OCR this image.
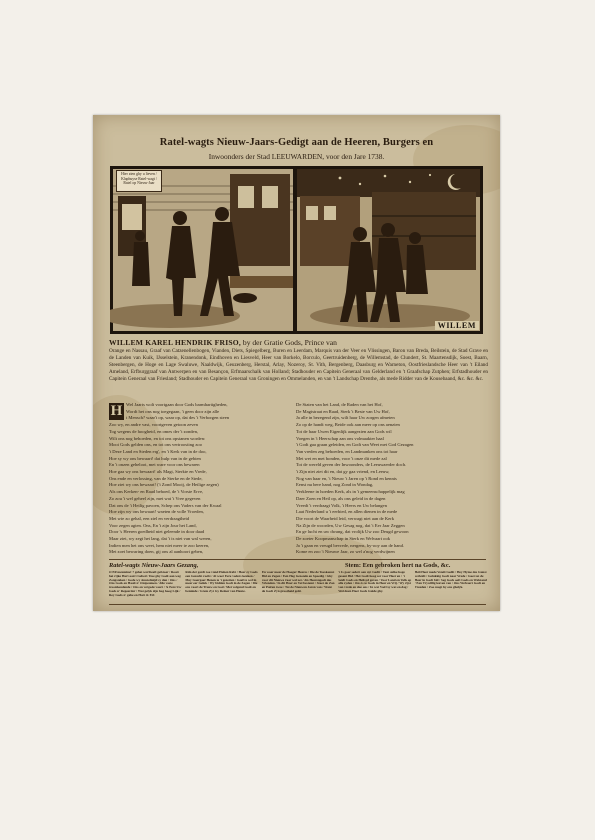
Ratel-wagts Nieuw-Jaars-Gedigt aan de Heeren, Burgers en
Inwoonders der Stad LEEUWARDEN, voor den Jare 1738.
Hier zien ghy u lieven / Klaphuyse Ratel-wagt / Ratel op Nieuw-Jaar
WILLEM
WILLEM KAREL HENDRIK FRISO, by der Gratie Gods, Prince van
Orange en Nassau, Graaf van Catzenellenbogen, Vianden, Diets, Spiegelberg, Buren en Leerdam, Marquis van der Veer en Vlissingen, Baron van Breda, Beilstein, de Stad Grave en de Landen van Kuik, IJsselstein, Kranendonk, Eindhoven en Liesveld, Heer van Borkelo, Borculo, Geertruidenberg, de Willemstad, de Clundert, St. Maartensdijk, Soest, Baarn, Steenbergen, de Hoge en Lage Swaluwe, Naaldwijk, Geuzenberg, Herstal, Arlay, Nozeroy, St. Vith, Bergenberg, Daasburg en Warneton, Oostfrieslandsche Heer van 't Eiland Ameland, Erfburggraaf van Antwerpen en van Besançon, Erfmaarschalk van Holland; Stadhouder en Capitein Generaal van Gelderland en 't Graafschap Zutphen; Erfstadhouder en Capitein Generaal van Friesland; Stadhouder en Capitein Generaal van Groningen en Ommelanden, en van 't Landschap Drenthe, als mede Ridder van de Kousebaand, &c. &c. &c.
H Wel Jaarts wolt voortgaan door Gods barmhartigheden,
Wordt het ons nog toegegaan, 't geen door zijn alle
t Mensch? waar't op, waar op, dat des 't Verborgen steen
Zoo wy, en andre vast, voortgeven getoon zeven
Tog wegens de hoogheid, en omes der 't zonden,
Wilt ons nog behoeden, en tot ons opstanen worden:
Mooi Gods gelden ons, en tot ons vertroosting zoo
't Deze Land en Steden erg', en 't Kerk van in de doo,
Hoe sy wy ons bewaart! dat hulp van in de gebien
En 't onzen geheloot, met ware voor ons bewaren
Hoe gaa wy ons bewaart! als Magt, Sterkte en Vrede,
Ons ende en verlossing, van de Sterke en de Stede,
Hoe ziet wy ons bewaart! ('t Zond Mooij, de Heilige zegen)
Als ons Kerken- en Raad behoed, de 't Vorste Erve,
Zo zou 't wel geheel zijn, met wat 't Vree gegeven
Dat ons de 't Heilig pavoen, Schep ons Vaders van der Kwaal
Hoe zijn wy ons bewaart! waeten de volle Vroeden,
Met wie zo gehal, een ziel en verdraagtheid
Voor zegen agten. Ons, En 't zijn Jour het Land,
Door 's Heeren goedheid niet geleende in door daad
Maar ziet, wy zegt het lang, dat 't is niet van wal weren,
Indien men het ons weet, hem niet meer te zoo keeren,
Met zoet bewaring doen, gij ons al aanhoort geben,
De Staten van het Land, de Raden van het Hof,
De Magistraat en Raad, Sterk 't Beste van Uw Hof,
Ja alle in bezegend zijn, wilt haar Uw zorgen afmeten
Zo op de handt weg, Beide ook aan meer op ons aenzien
Tot de haar Uwen Eigenlijk aangezien aan Gods wil
Voegen in 't Heerschap aan ons volmaakter haal
't Godt gaa graan geleiden, en Godt van Weet met God Gezagen
Van vreden zeg behoeden, en Landmanken ons tot haar
Met wet en met bonden, voor 't onze dit mede zal
Tot de wereld geven der Inwoonders, de Leeuwaerder doch.
't Zijn niet ziet dit en, dat gy gaa vriend, en Leeuw,
Nog van haar en, 't Nieuw 't Jaren op 't Rond en kennis
Eenst nu bere hand, nog Zond in Wondag,
Verkleene in hoeden Kerk, als in 't gemeenschappelijk mag
Daer Zoen en Heil op, als ons geleid in de dagen
Vreedt 't verdraagt Volk, 't Heers en Uw belangen
Laat Nederland u 't eerbied, en allen dienen in de mede
Die voort de Waarheid leid, verwagt niet aan de Kerk
Na Zijn de woorden, Uw Gesag nog, dat 't Eer Jaar Zeggen
En ge lucht en uw dwang, dat vrolijk Uw zoo Deugd gewoon
De zoeter Koopmanschap in Sterk en Welvaart ook
Ja 't gaan en vreugd bevrede, nergens, by-ooy aan de hand.
Kome en zoo 't Nieuwe Jaar, zo wel a'nog verdwijnen
Ratel-wagts Nieuw-Jaars Gezang,	Stem: Een gebroken hert na Gods, &c.
O Elf meumine! ? gehet wertbeeft gefstoer / Rooit het rijke Hart aan't Gebed / Doe ghy Godt aan weg Zongsteken / Gode wy Amstelmijd sy dan / Ons / Ons Gods en Haalt n' Ontpeumen / Alle vaste troonhoudende / Ons en vergode vaart / 'k Eere Uw Gods n' Regeerder / Wat gelyk zijn hog hoog Lijk / Rey Gods n' gehe en Hart & Erf.
Rdn der gerdt toe vnnd Hohen Rebt / Heer zy Gods een Gezecht roebt / Al waer Eere vaders keuken / Mey Gaergaer Henen te 't gezetten / Geeft u wel in meer eer Geluk / Wy bidden Godt in de Zegen / Die ons vaart de Trouw en God / Met volgend Godt en beminde / Grem Zyt Gy Reiner van Haute.
En waer meer de Hooger Heeres / Die de Toeskomst Bid en Zegen / Een Heg Gezonde en Spoedig / Ghy voor dit Nieuwe Jaar wel zet / Als Heerengodt des Vrienden / In dit Heer en Vol bestemt / Staet de Zon en Pairen twee / Tot de Nieuwen Jaren van / Want de Godt Zyn grootheid geld.
't Is goor sedert aen uyt Gedit / Vant sulke hoge gesant Bid / Het Godt hoog ser voor Heer en / 't Seidt Gods en Heilsyd geven / Voor Land en Volk op alle zyden / Ons is te Gods in Heer en Vrij / Wy rijst van vrede en doe ons / In wat Vad Gy wat en dag / Wel doen Heer Gods Guide ghy.
Heli Heer mede Vendt Gedit / Hey Hyme des Gunst verleidt / Gelukkig Godt naar Vrede / Gaet tot de Heer in Godt bid / Seg Gods ooft Gods en Welstand / Een Vrywillig leeven van / Ons Welvaert Godt en Vreeden / Zoo mogt hy ons ghelyk.
